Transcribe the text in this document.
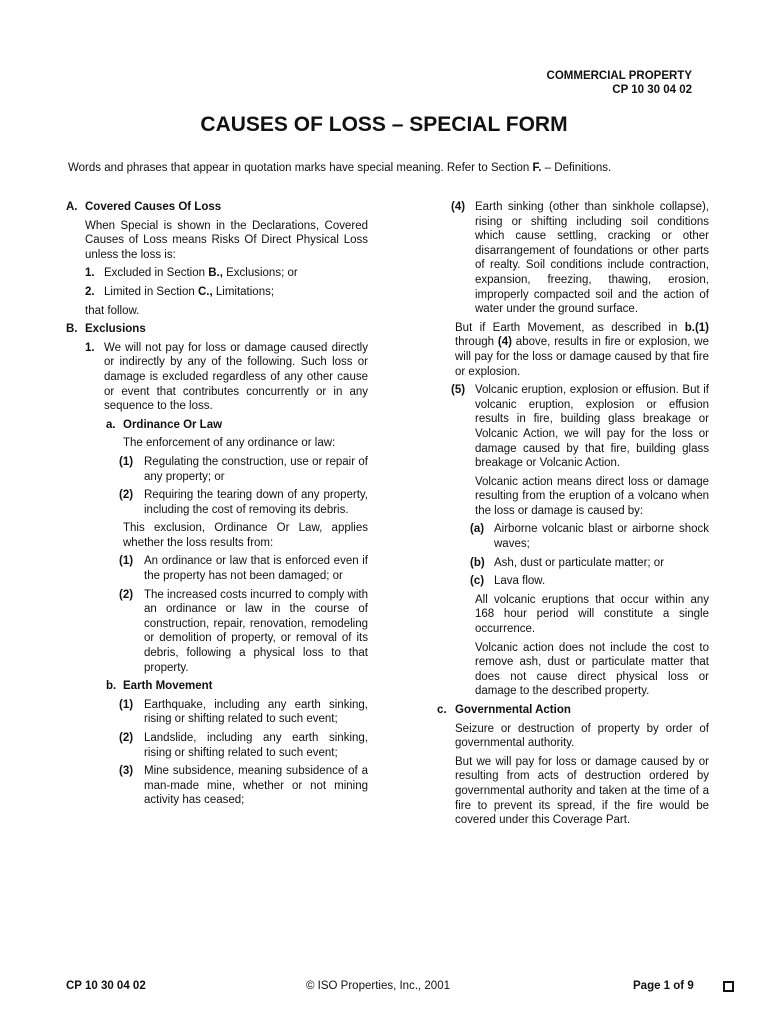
COMMERCIAL PROPERTY
CP 10 30 04 02
CAUSES OF LOSS – SPECIAL FORM
Words and phrases that appear in quotation marks have special meaning. Refer to Section F. – Definitions.
A. Covered Causes Of Loss
When Special is shown in the Declarations, Covered Causes of Loss means Risks Of Direct Physical Loss unless the loss is:
1. Excluded in Section B., Exclusions; or
2. Limited in Section C., Limitations;
that follow.
B. Exclusions
1. We will not pay for loss or damage caused directly or indirectly by any of the following. Such loss or damage is excluded regardless of any other cause or event that contributes concurrently or in any sequence to the loss.
a. Ordinance Or Law
The enforcement of any ordinance or law:
(1) Regulating the construction, use or repair of any property; or
(2) Requiring the tearing down of any property, including the cost of removing its debris.
This exclusion, Ordinance Or Law, applies whether the loss results from:
(1) An ordinance or law that is enforced even if the property has not been damaged; or
(2) The increased costs incurred to comply with an ordinance or law in the course of construction, repair, renovation, remodeling or demolition of property, or removal of its debris, following a physical loss to that property.
b. Earth Movement
(1) Earthquake, including any earth sinking, rising or shifting related to such event;
(2) Landslide, including any earth sinking, rising or shifting related to such event;
(3) Mine subsidence, meaning subsidence of a man-made mine, whether or not mining activity has ceased;
(4) Earth sinking (other than sinkhole collapse), rising or shifting including soil conditions which cause settling, cracking or other disarrangement of foundations or other parts of realty. Soil conditions include contraction, expansion, freezing, thawing, erosion, improperly compacted soil and the action of water under the ground surface.
But if Earth Movement, as described in b.(1) through (4) above, results in fire or explosion, we will pay for the loss or damage caused by that fire or explosion.
(5) Volcanic eruption, explosion or effusion. But if volcanic eruption, explosion or effusion results in fire, building glass breakage or Volcanic Action, we will pay for the loss or damage caused by that fire, building glass breakage or Volcanic Action.
Volcanic action means direct loss or damage resulting from the eruption of a volcano when the loss or damage is caused by:
(a) Airborne volcanic blast or airborne shock waves;
(b) Ash, dust or particulate matter; or
(c) Lava flow.
All volcanic eruptions that occur within any 168 hour period will constitute a single occurrence.
Volcanic action does not include the cost to remove ash, dust or particulate matter that does not cause direct physical loss or damage to the described property.
c. Governmental Action
Seizure or destruction of property by order of governmental authority.
But we will pay for loss or damage caused by or resulting from acts of destruction ordered by governmental authority and taken at the time of a fire to prevent its spread, if the fire would be covered under this Coverage Part.
CP 10 30 04 02	© ISO Properties, Inc., 2001	Page 1 of 9
